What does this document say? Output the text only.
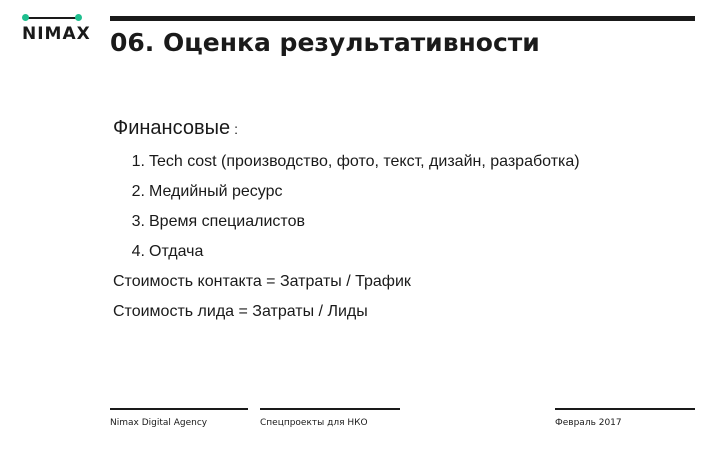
NIMAX 06. Оценка результативности
Финансовые :
1. Tech cost (производство, фото, текст, дизайн, разработка)
2. Медийный ресурс
3. Время специалистов
4. Отдача
Стоимость контакта = Затраты / Трафик
Стоимость лида = Затраты / Лиды
Nimax Digital Agency	Спецпроекты для НКО	Февраль 2017
